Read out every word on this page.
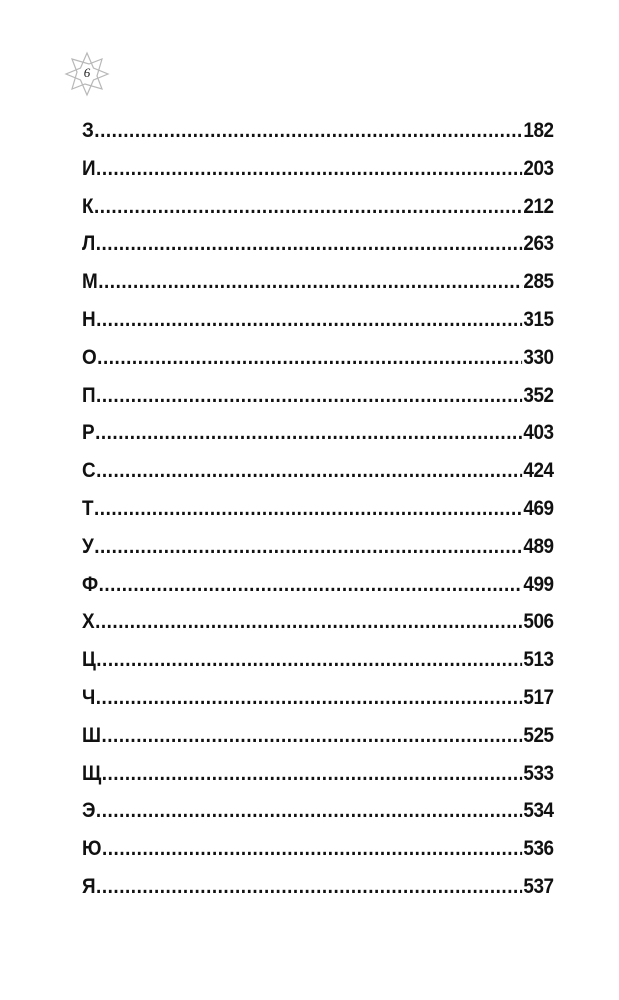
6
З .....	182
И .....	203
К .....	212
Л .....	263
М .....	285
Н .....	315
О .....	330
П .....	352
Р .....	403
С .....	424
Т .....	469
У .....	489
Ф .....	499
Х .....	506
Ц .....	513
Ч .....	517
Ш .....	525
Щ .....	533
Э .....	534
Ю .....	536
Я .....	537
